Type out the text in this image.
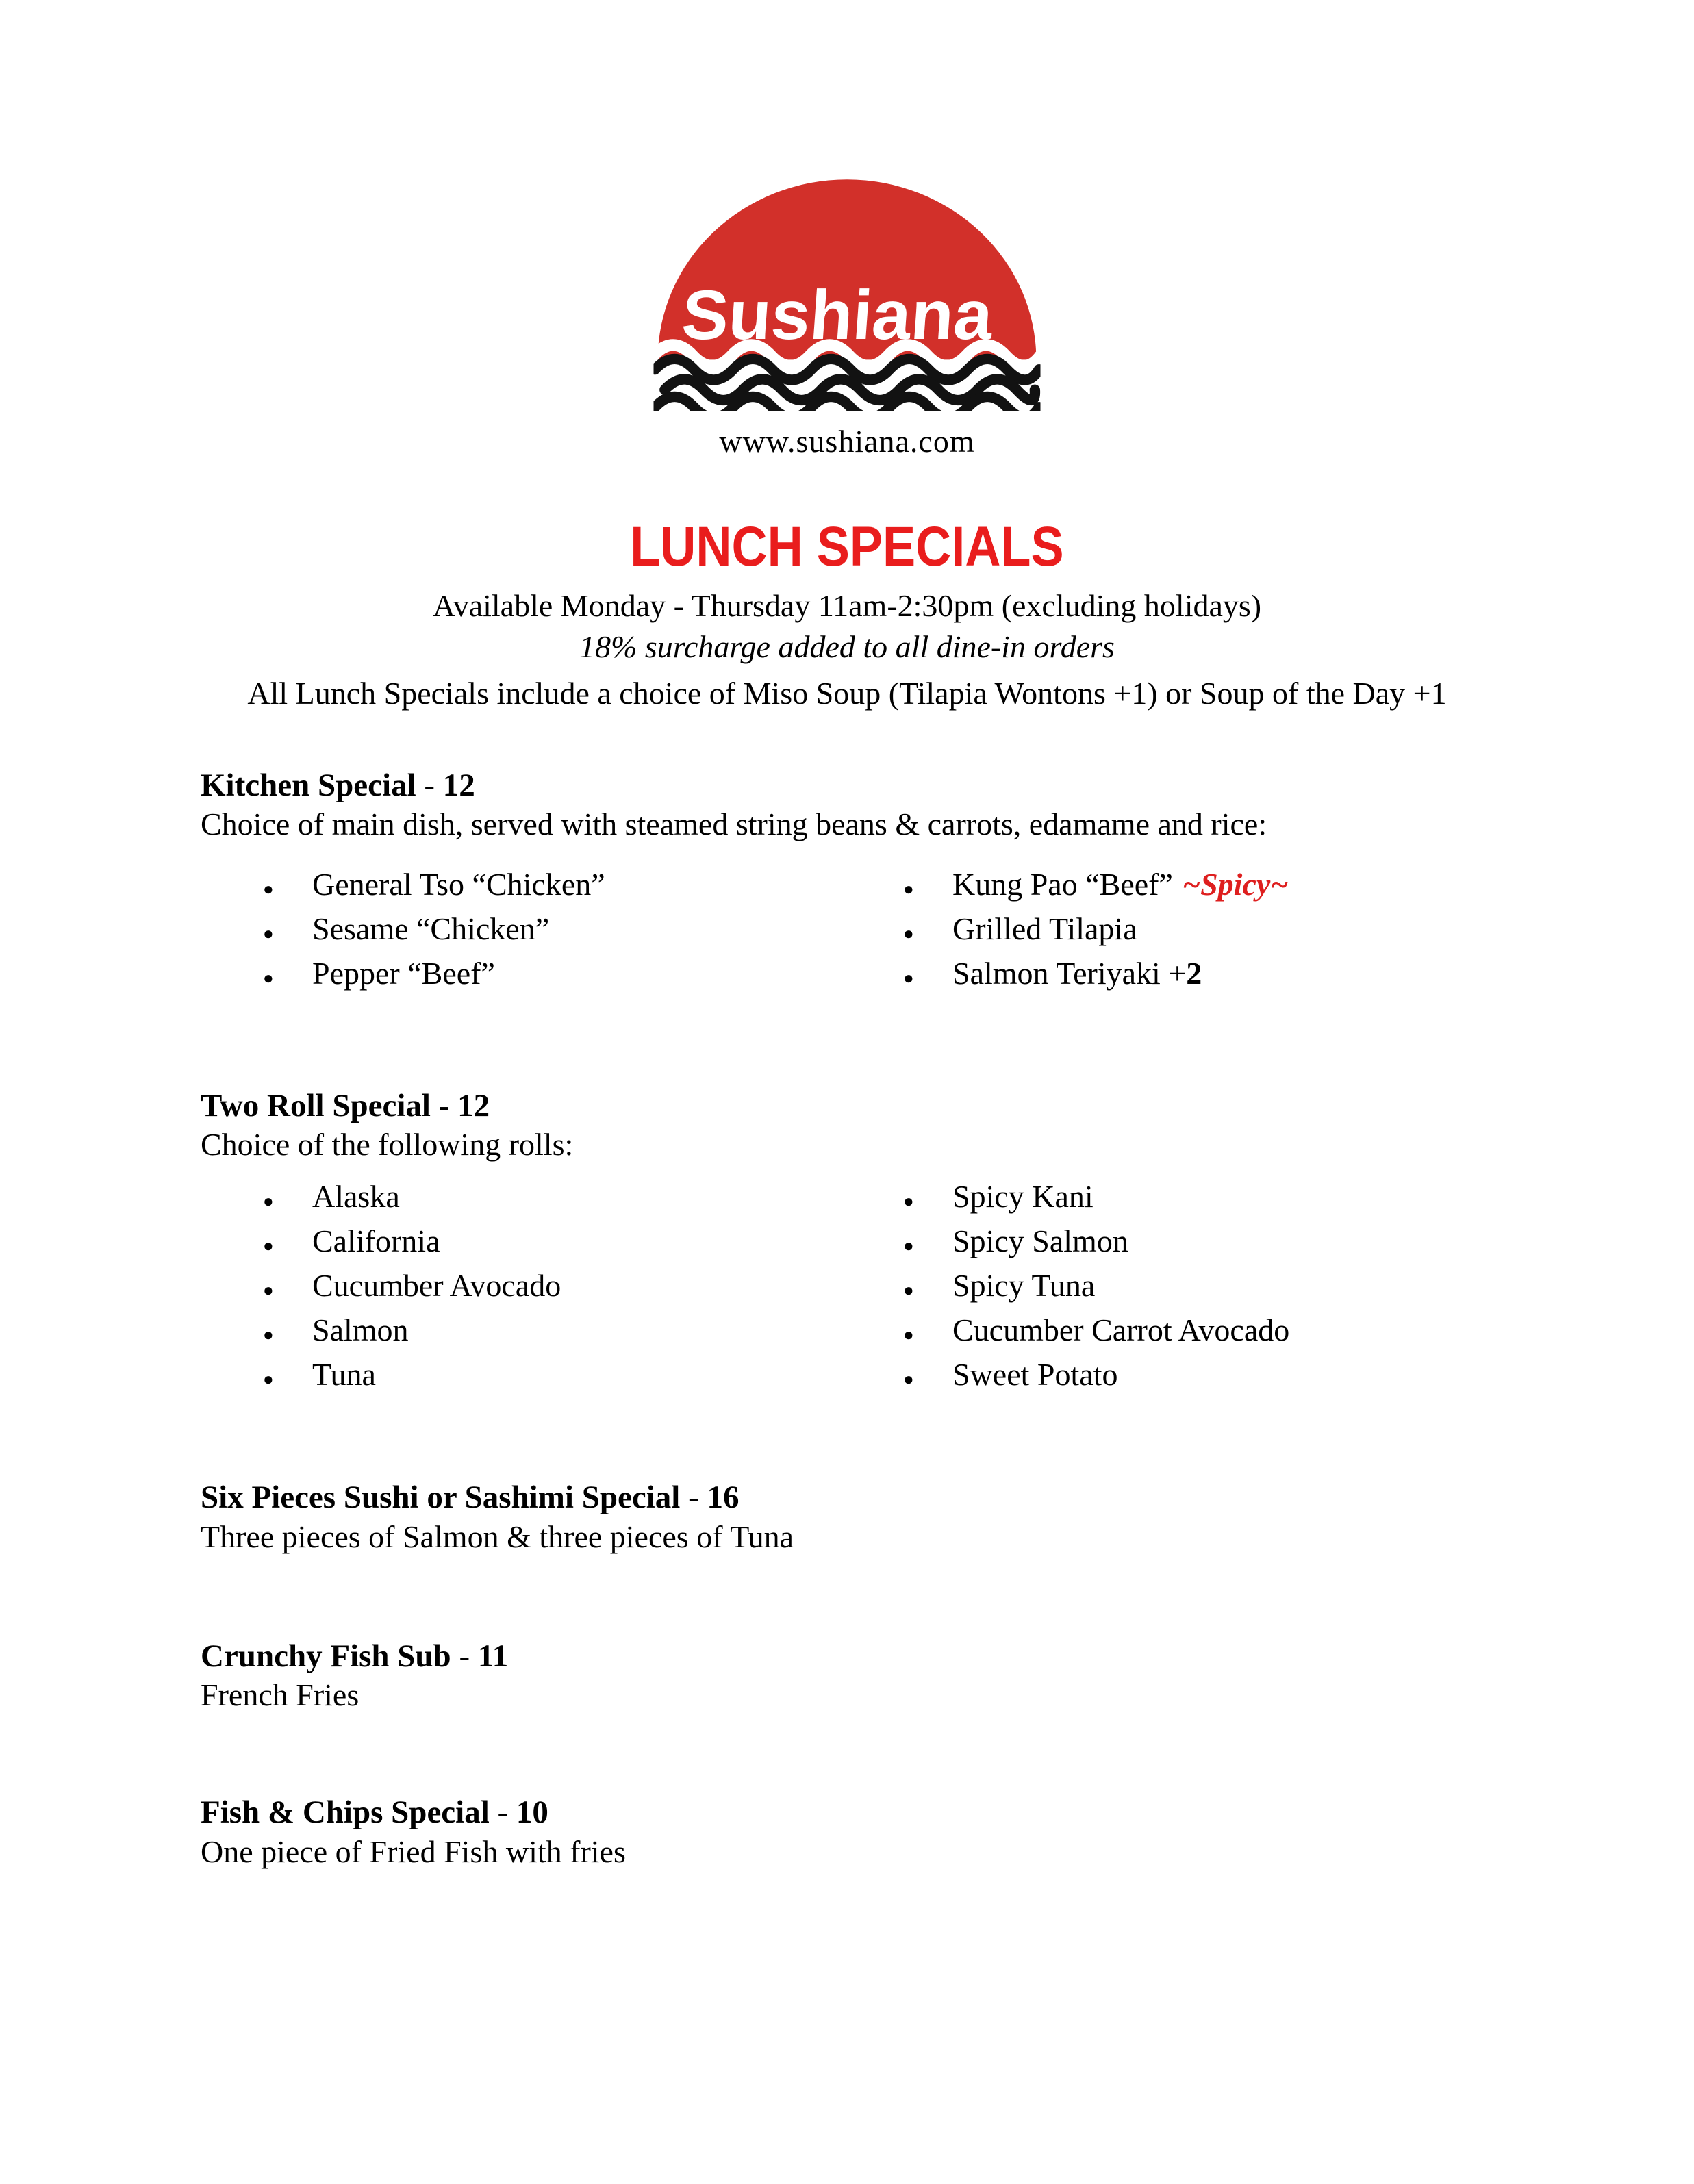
Sushiana
www.sushiana.com
LUNCH SPECIALS
Available Monday - Thursday 11am-2:30pm (excluding holidays)
18% surcharge added to all dine-in orders
All Lunch Specials include a choice of Miso Soup (Tilapia Wontons +1) or Soup of the Day +1
Kitchen Special - 12
Choice of main dish, served with steamed string beans & carrots, edamame and rice:
● General Tso “Chicken”
● Sesame “Chicken”
● Pepper “Beef”
● Kung Pao “Beef” ~Spicy~
● Grilled Tilapia
● Salmon Teriyaki +2
Two Roll Special - 12
Choice of the following rolls:
● Alaska
● California
● Cucumber Avocado
● Salmon
● Tuna
● Spicy Kani
● Spicy Salmon
● Spicy Tuna
● Cucumber Carrot Avocado
● Sweet Potato
Six Pieces Sushi or Sashimi Special - 16
Three pieces of Salmon & three pieces of Tuna
Crunchy Fish Sub - 11
French Fries
Fish & Chips Special - 10
One piece of Fried Fish with fries
